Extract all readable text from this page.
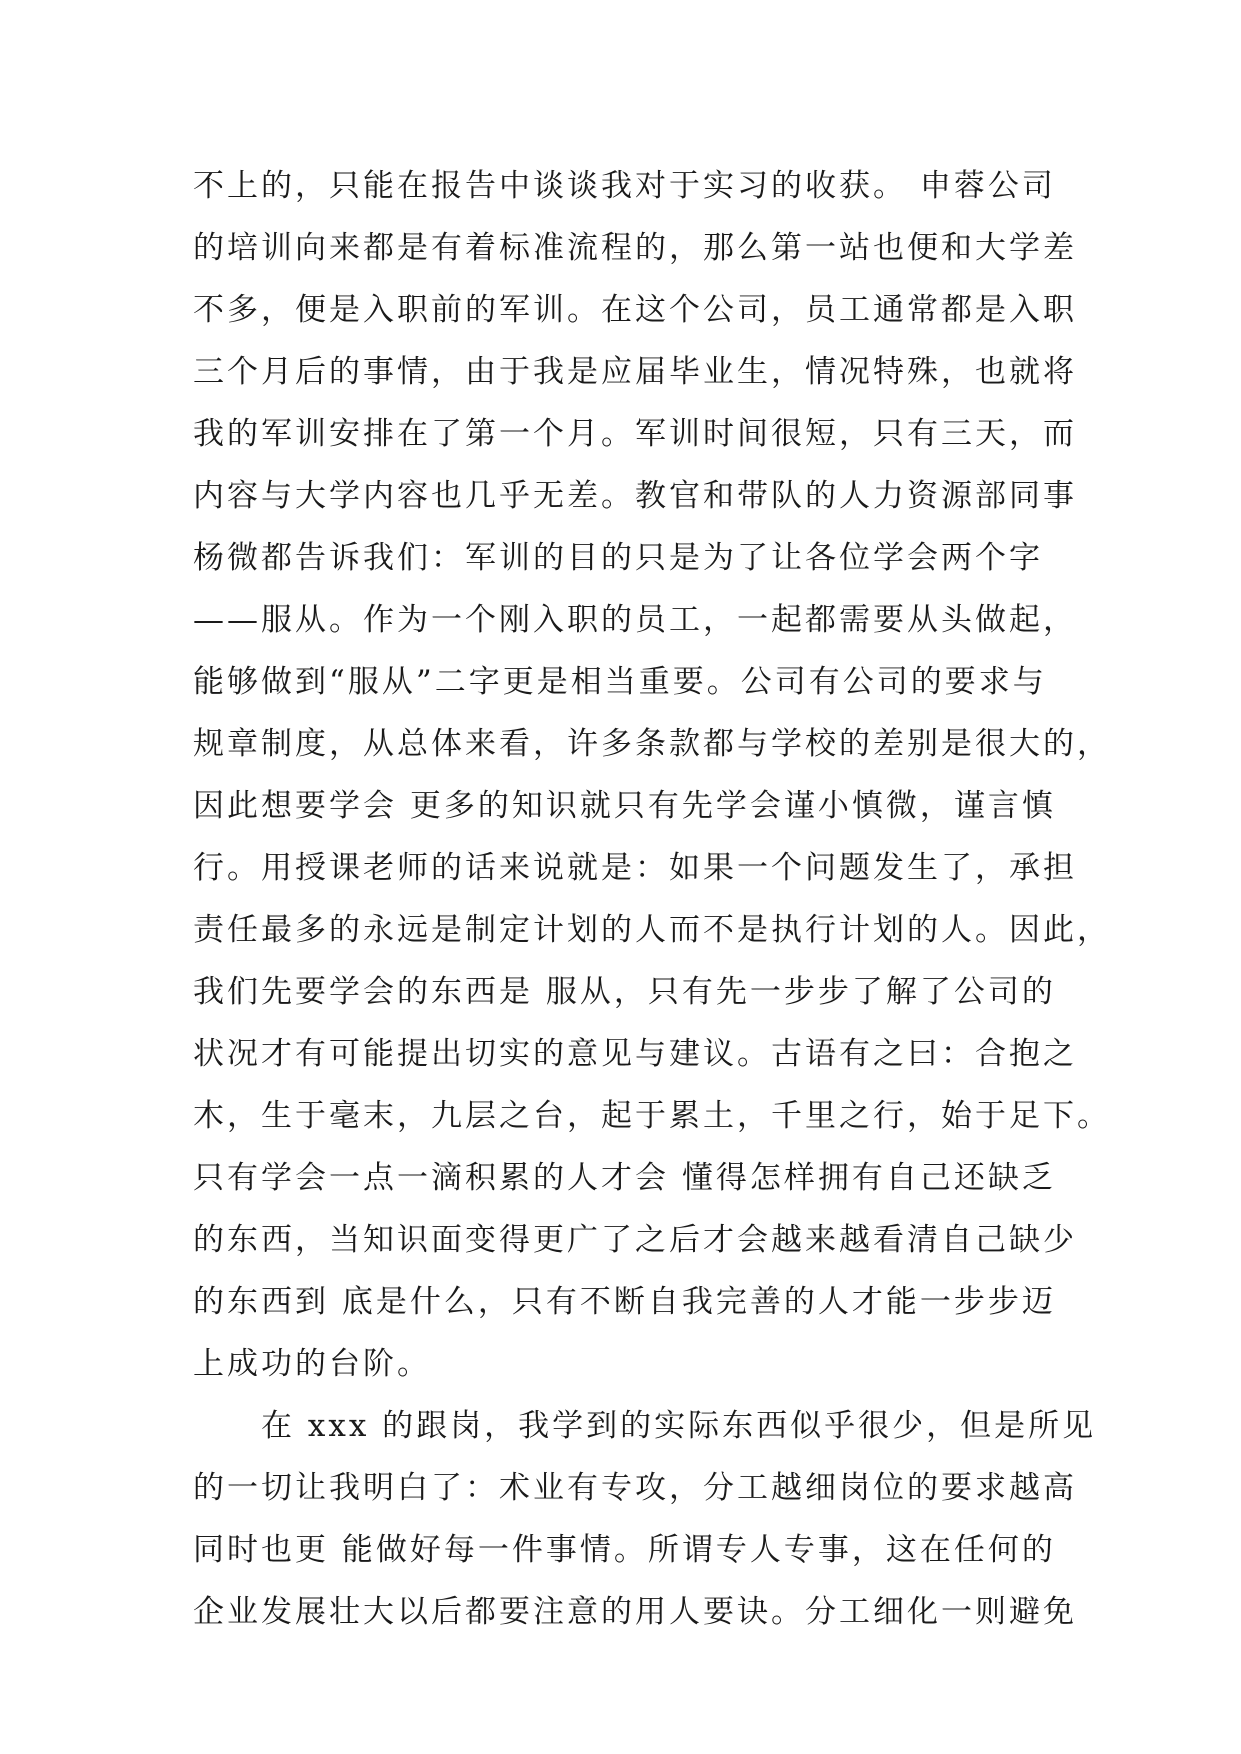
不上的，只能在报告中谈谈我对于实习的收获。 申蓉公司
的培训向来都是有着标准流程的，那么第一站也便和大学差
不多，便是入职前的军训。在这个公司，员工通常都是入职
三个月后的事情，由于我是应届毕业生，情况特殊，也就将
我的军训安排在了第一个月。军训时间很短，只有三天，而
内容与大学内容也几乎无差。教官和带队的人力资源部同事
杨微都告诉我们：军训的目的只是为了让各位学会两个字
——服从。作为一个刚入职的员工，一起都需要从头做起，
能够做到“服从”二字更是相当重要。公司有公司的要求与
规章制度，从总体来看，许多条款都与学校的差别是很大的，
因此想要学会 更多的知识就只有先学会谨小慎微，谨言慎
行。用授课老师的话来说就是：如果一个问题发生了，承担
责任最多的永远是制定计划的人而不是执行计划的人。因此，
我们先要学会的东西是 服从，只有先一步步了解了公司的
状况才有可能提出切实的意见与建议。古语有之曰：合抱之
木，生于毫末，九层之台，起于累土，千里之行，始于足下。
只有学会一点一滴积累的人才会 懂得怎样拥有自己还缺乏
的东西，当知识面变得更广了之后才会越来越看清自己缺少
的东西到 底是什么，只有不断自我完善的人才能一步步迈
上成功的台阶。
　　在 xxx 的跟岗，我学到的实际东西似乎很少，但是所见
的一切让我明白了：术业有专攻，分工越细岗位的要求越高
同时也更 能做好每一件事情。所谓专人专事，这在任何的
企业发展壮大以后都要注意的用人要诀。分工细化一则避免
